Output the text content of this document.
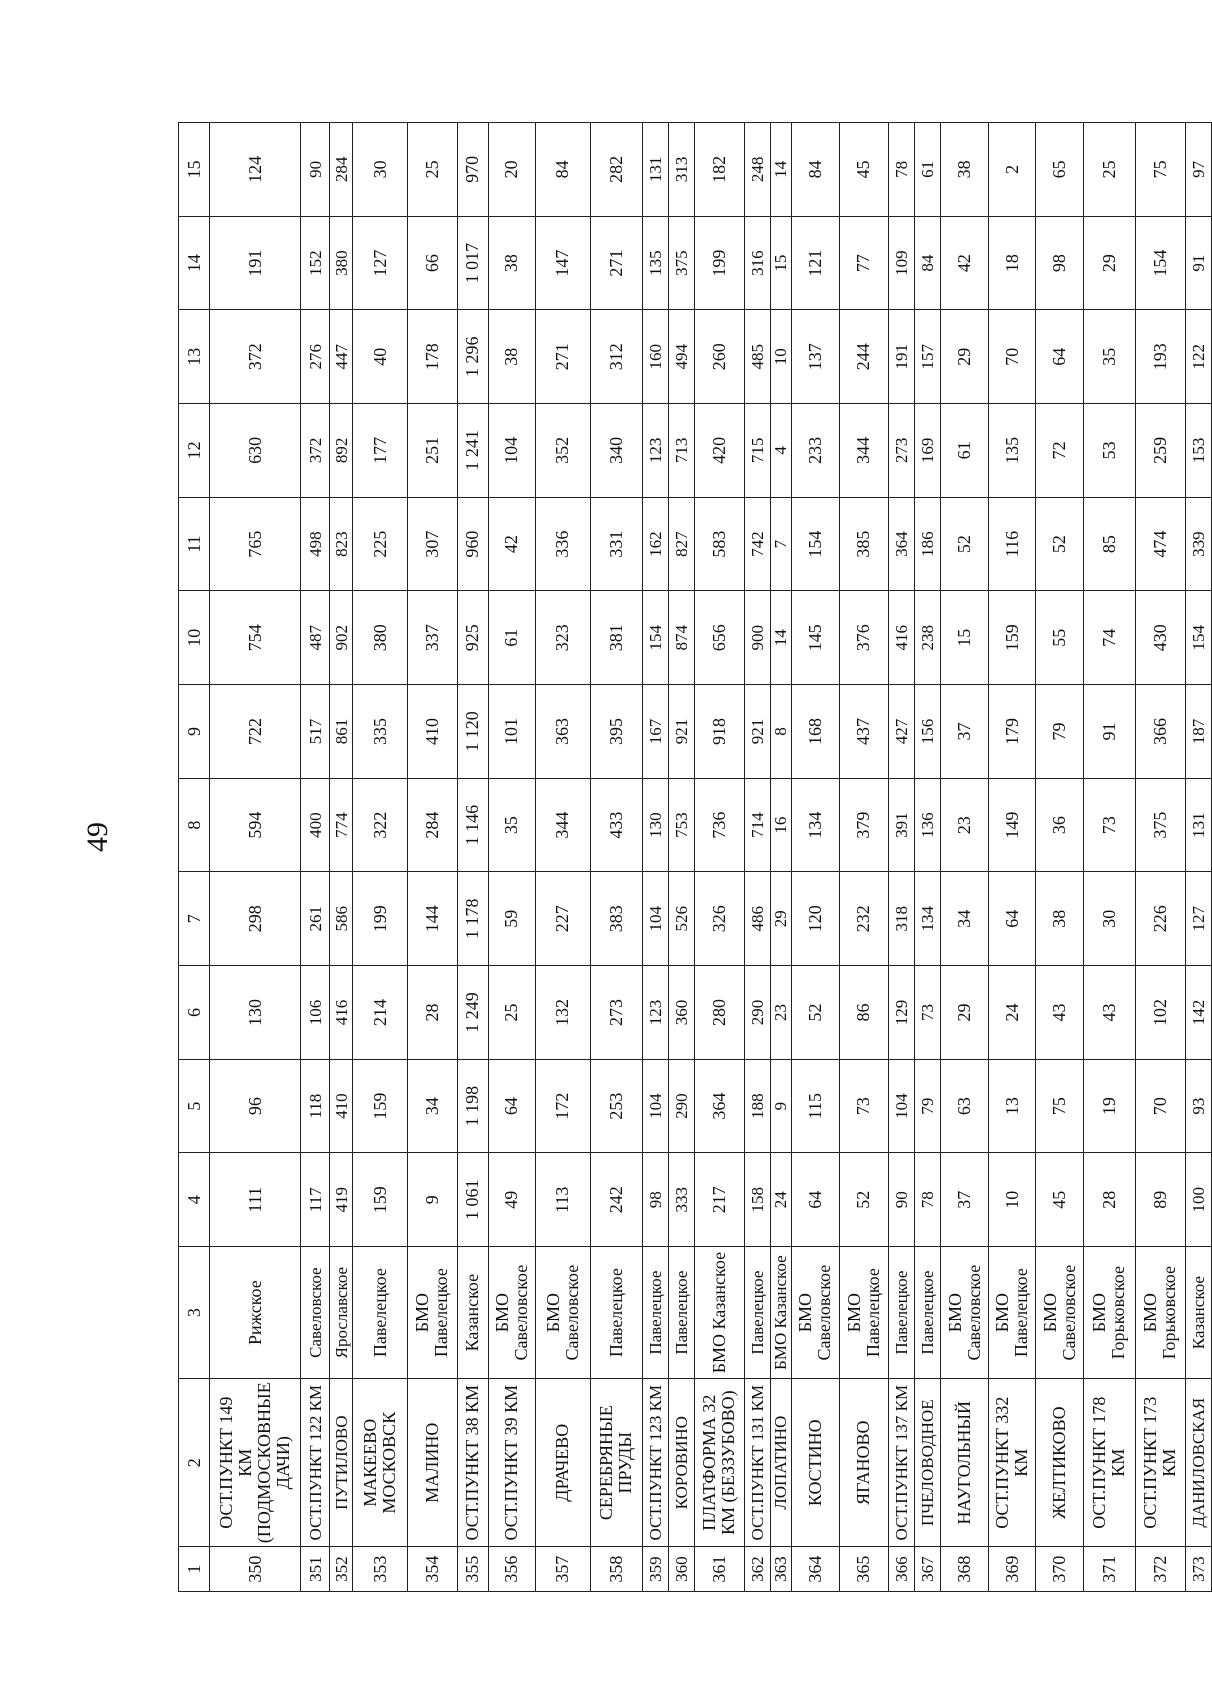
49
1	2	3	4	5	6	7	8	9	10	11	12	13	14	15
350	ОСТ.ПУНКТ 149 КМ (ПОДМОСКОВНЫЕ ДАЧИ)	Рижское	111	96	130	298	594	722	754	765	630	372	191	124
351	ОСТ.ПУНКТ 122 КМ	Савеловское	117	118	106	261	400	517	487	498	372	276	152	90
352	ПУТИЛОВО	Ярославское	419	410	416	586	774	861	902	823	892	447	380	284
353	МАКЕЕВО МОСКОВСК	Павелецкое	159	159	214	199	322	335	380	225	177	40	127	30
354	МАЛИНО	БМО Павелецкое	9	34	28	144	284	410	337	307	251	178	66	25
355	ОСТ.ПУНКТ 38 КМ	Казанское	1 061	1 198	1 249	1 178	1 146	1 120	925	960	1 241	1 296	1 017	970
356	ОСТ.ПУНКТ 39 КМ	БМО Савеловское	49	64	25	59	35	101	61	42	104	38	38	20
357	ДРАЧЕВО	БМО Савеловское	113	172	132	227	344	363	323	336	352	271	147	84
358	СЕРЕБРЯНЫЕ ПРУДЫ	Павелецкое	242	253	273	383	433	395	381	331	340	312	271	282
359	ОСТ.ПУНКТ 123 КМ	Павелецкое	98	104	123	104	130	167	154	162	123	160	135	131
360	КОРОВИНО	Павелецкое	333	290	360	526	753	921	874	827	713	494	375	313
361	ПЛАТФОРМА 32 КМ (БЕЗЗУБОВО)	БМО Казанское	217	364	280	326	736	918	656	583	420	260	199	182
362	ОСТ.ПУНКТ 131 КМ	Павелецкое	158	188	290	486	714	921	900	742	715	485	316	248
363	ЛОПАТИНО	БМО Казанское	24	9	23	29	16	8	14	7	4	10	15	14
364	КОСТИНО	БМО Савеловское	64	115	52	120	134	168	145	154	233	137	121	84
365	ЯГАНОВО	БМО Павелецкое	52	73	86	232	379	437	376	385	344	244	77	45
366	ОСТ.ПУНКТ 137 КМ	Павелецкое	90	104	129	318	391	427	416	364	273	191	109	78
367	ПЧЕЛОВОДНОЕ	Павелецкое	78	79	73	134	136	156	238	186	169	157	84	61
368	НАУГОЛЬНЫЙ	БМО Савеловское	37	63	29	34	23	37	15	52	61	29	42	38
369	ОСТ.ПУНКТ 332 КМ	БМО Павелецкое	10	13	24	64	149	179	159	116	135	70	18	2
370	ЖЕЛТИКОВО	БМО Савеловское	45	75	43	38	36	79	55	52	72	64	98	65
371	ОСТ.ПУНКТ 178 КМ	БМО Горьковское	28	19	43	30	73	91	74	85	53	35	29	25
372	ОСТ.ПУНКТ 173 КМ	БМО Горьковское	89	70	102	226	375	366	430	474	259	193	154	75
373	ДАНИЛОВСКАЯ	Казанское	100	93	142	127	131	187	154	339	153	122	91	97
